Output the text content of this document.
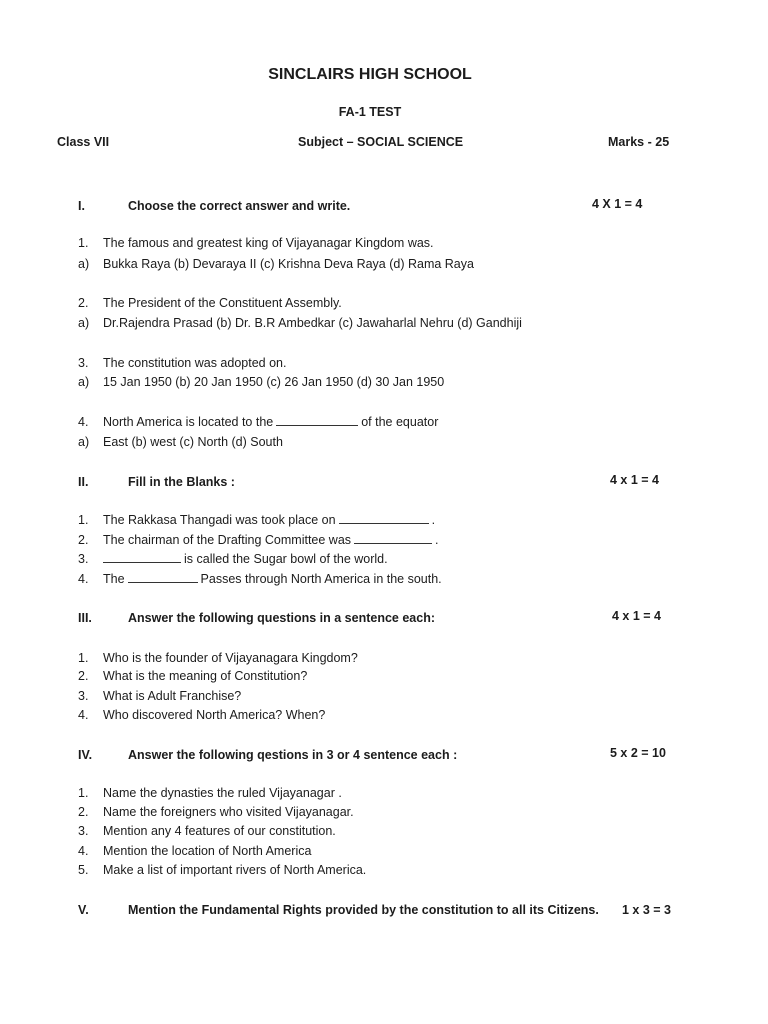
SINCLAIRS HIGH SCHOOL
FA-1 TEST
Class VII	Subject – SOCIAL SCIENCE	Marks - 25
I.	Choose the correct answer and write.	4 X 1 = 4
1. The famous and greatest king of Vijayanagar Kingdom was.
a) Bukka Raya (b) Devaraya II (c) Krishna Deva Raya (d) Rama Raya
2. The President of the Constituent Assembly.
a) Dr.Rajendra Prasad (b) Dr. B.R Ambedkar (c) Jawaharlal Nehru (d) Gandhiji
3. The constitution was adopted on.
a) 15 Jan 1950 (b) 20 Jan 1950 (c) 26 Jan 1950 (d) 30 Jan 1950
4. North America is located to the	of the equator
a) East (b) west (c) North (d) South
II.	Fill in the Blanks :	4 x 1 = 4
1. The Rakkasa Thangadi was took place on	.
2. The chairman of the Drafting Committee was	.
3.	is called the Sugar bowl of the world.
4. The	Passes through North America in the south.
III.	Answer the following questions in a sentence each:	4 x 1 = 4
1. Who is the founder of Vijayanagara Kingdom?
2. What is the meaning of Constitution?
3. What is Adult Franchise?
4. Who discovered North America? When?
IV.	Answer the following qestions in 3 or 4 sentence each :	5 x 2 = 10
1. Name the dynasties the ruled Vijayanagar .
2. Name the foreigners who visited Vijayanagar.
3. Mention any 4 features of our constitution.
4. Mention the location of North America
5. Make a list of important rivers of North America.
V.	Mention the Fundamental Rights provided by the constitution to all its Citizens. 1 x 3 = 3
